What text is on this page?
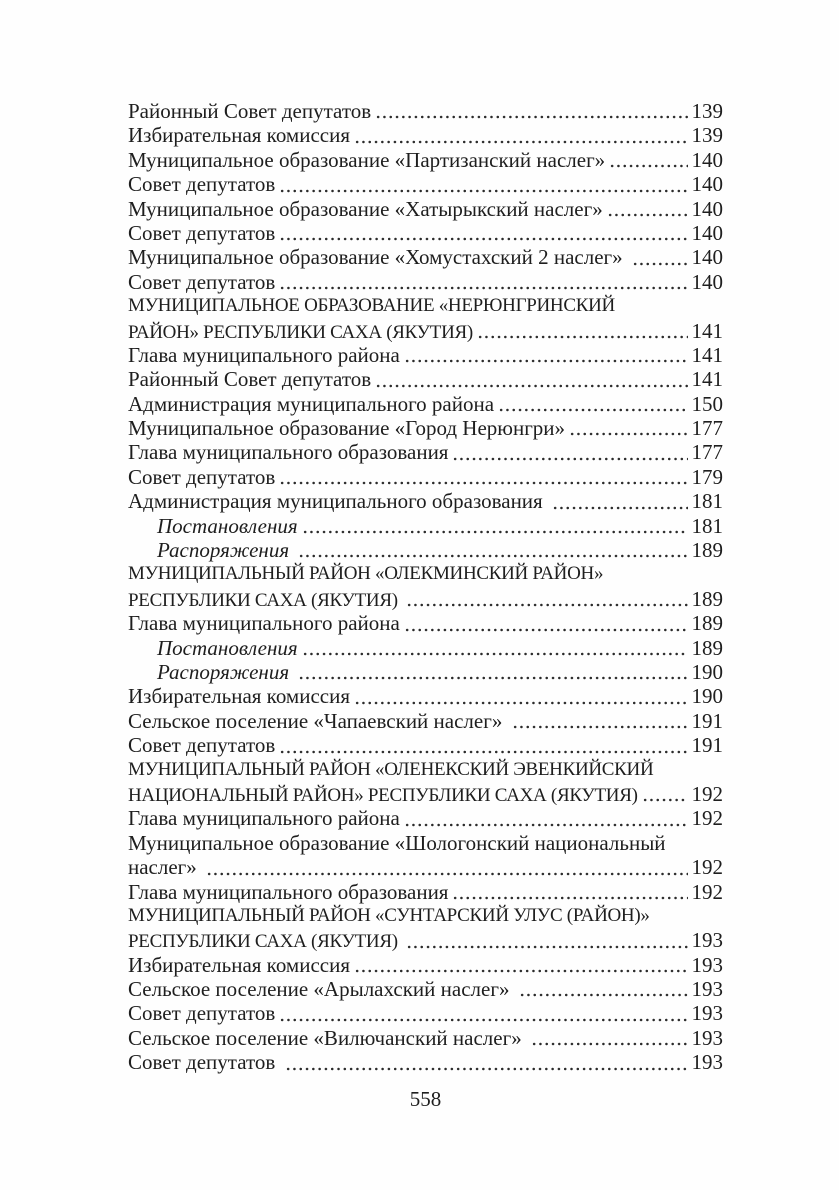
Районный Совет депутатов	139
Избирательная комиссия	139
Муниципальное образование «Партизанский наслег»	140
Совет депутатов	140
Муниципальное образование «Хатырыкский наслег»	140
Совет депутатов	140
Муниципальное образование «Хомустахский 2 наслег»	140
Совет депутатов	140
МУНИЦИПАЛЬНОЕ ОБРАЗОВАНИЕ «НЕРЮНГРИНСКИЙ
РАЙОН» РЕСПУБЛИКИ САХА (ЯКУТИЯ)	141
Глава муниципального района	141
Районный Совет депутатов	141
Администрация муниципального района	150
Муниципальное образование «Город Нерюнгри»	177
Глава муниципального образования	177
Совет депутатов	179
Администрация муниципального образования	181
Постановления	181
Распоряжения	189
МУНИЦИПАЛЬНЫЙ РАЙОН «ОЛЕКМИНСКИЙ РАЙОН»
РЕСПУБЛИКИ САХА (ЯКУТИЯ)	189
Глава муниципального района	189
Постановления	189
Распоряжения	190
Избирательная комиссия	190
Сельское поселение «Чапаевский наслег»	191
Совет депутатов	191
МУНИЦИПАЛЬНЫЙ РАЙОН «ОЛЕНЕКСКИЙ ЭВЕНКИЙСКИЙ
НАЦИОНАЛЬНЫЙ РАЙОН» РЕСПУБЛИКИ САХА (ЯКУТИЯ)	192
Глава муниципального района	192
Муниципальное образование «Шологонский национальный
наслег»	192
Глава муниципального образования	192
МУНИЦИПАЛЬНЫЙ РАЙОН «СУНТАРСКИЙ УЛУС (РАЙОН)»
РЕСПУБЛИКИ САХА (ЯКУТИЯ)	193
Избирательная комиссия	193
Сельское поселение «Арылахский наслег»	193
Совет депутатов	193
Сельское поселение «Вилючанский наслег»	193
Совет депутатов	193
558
